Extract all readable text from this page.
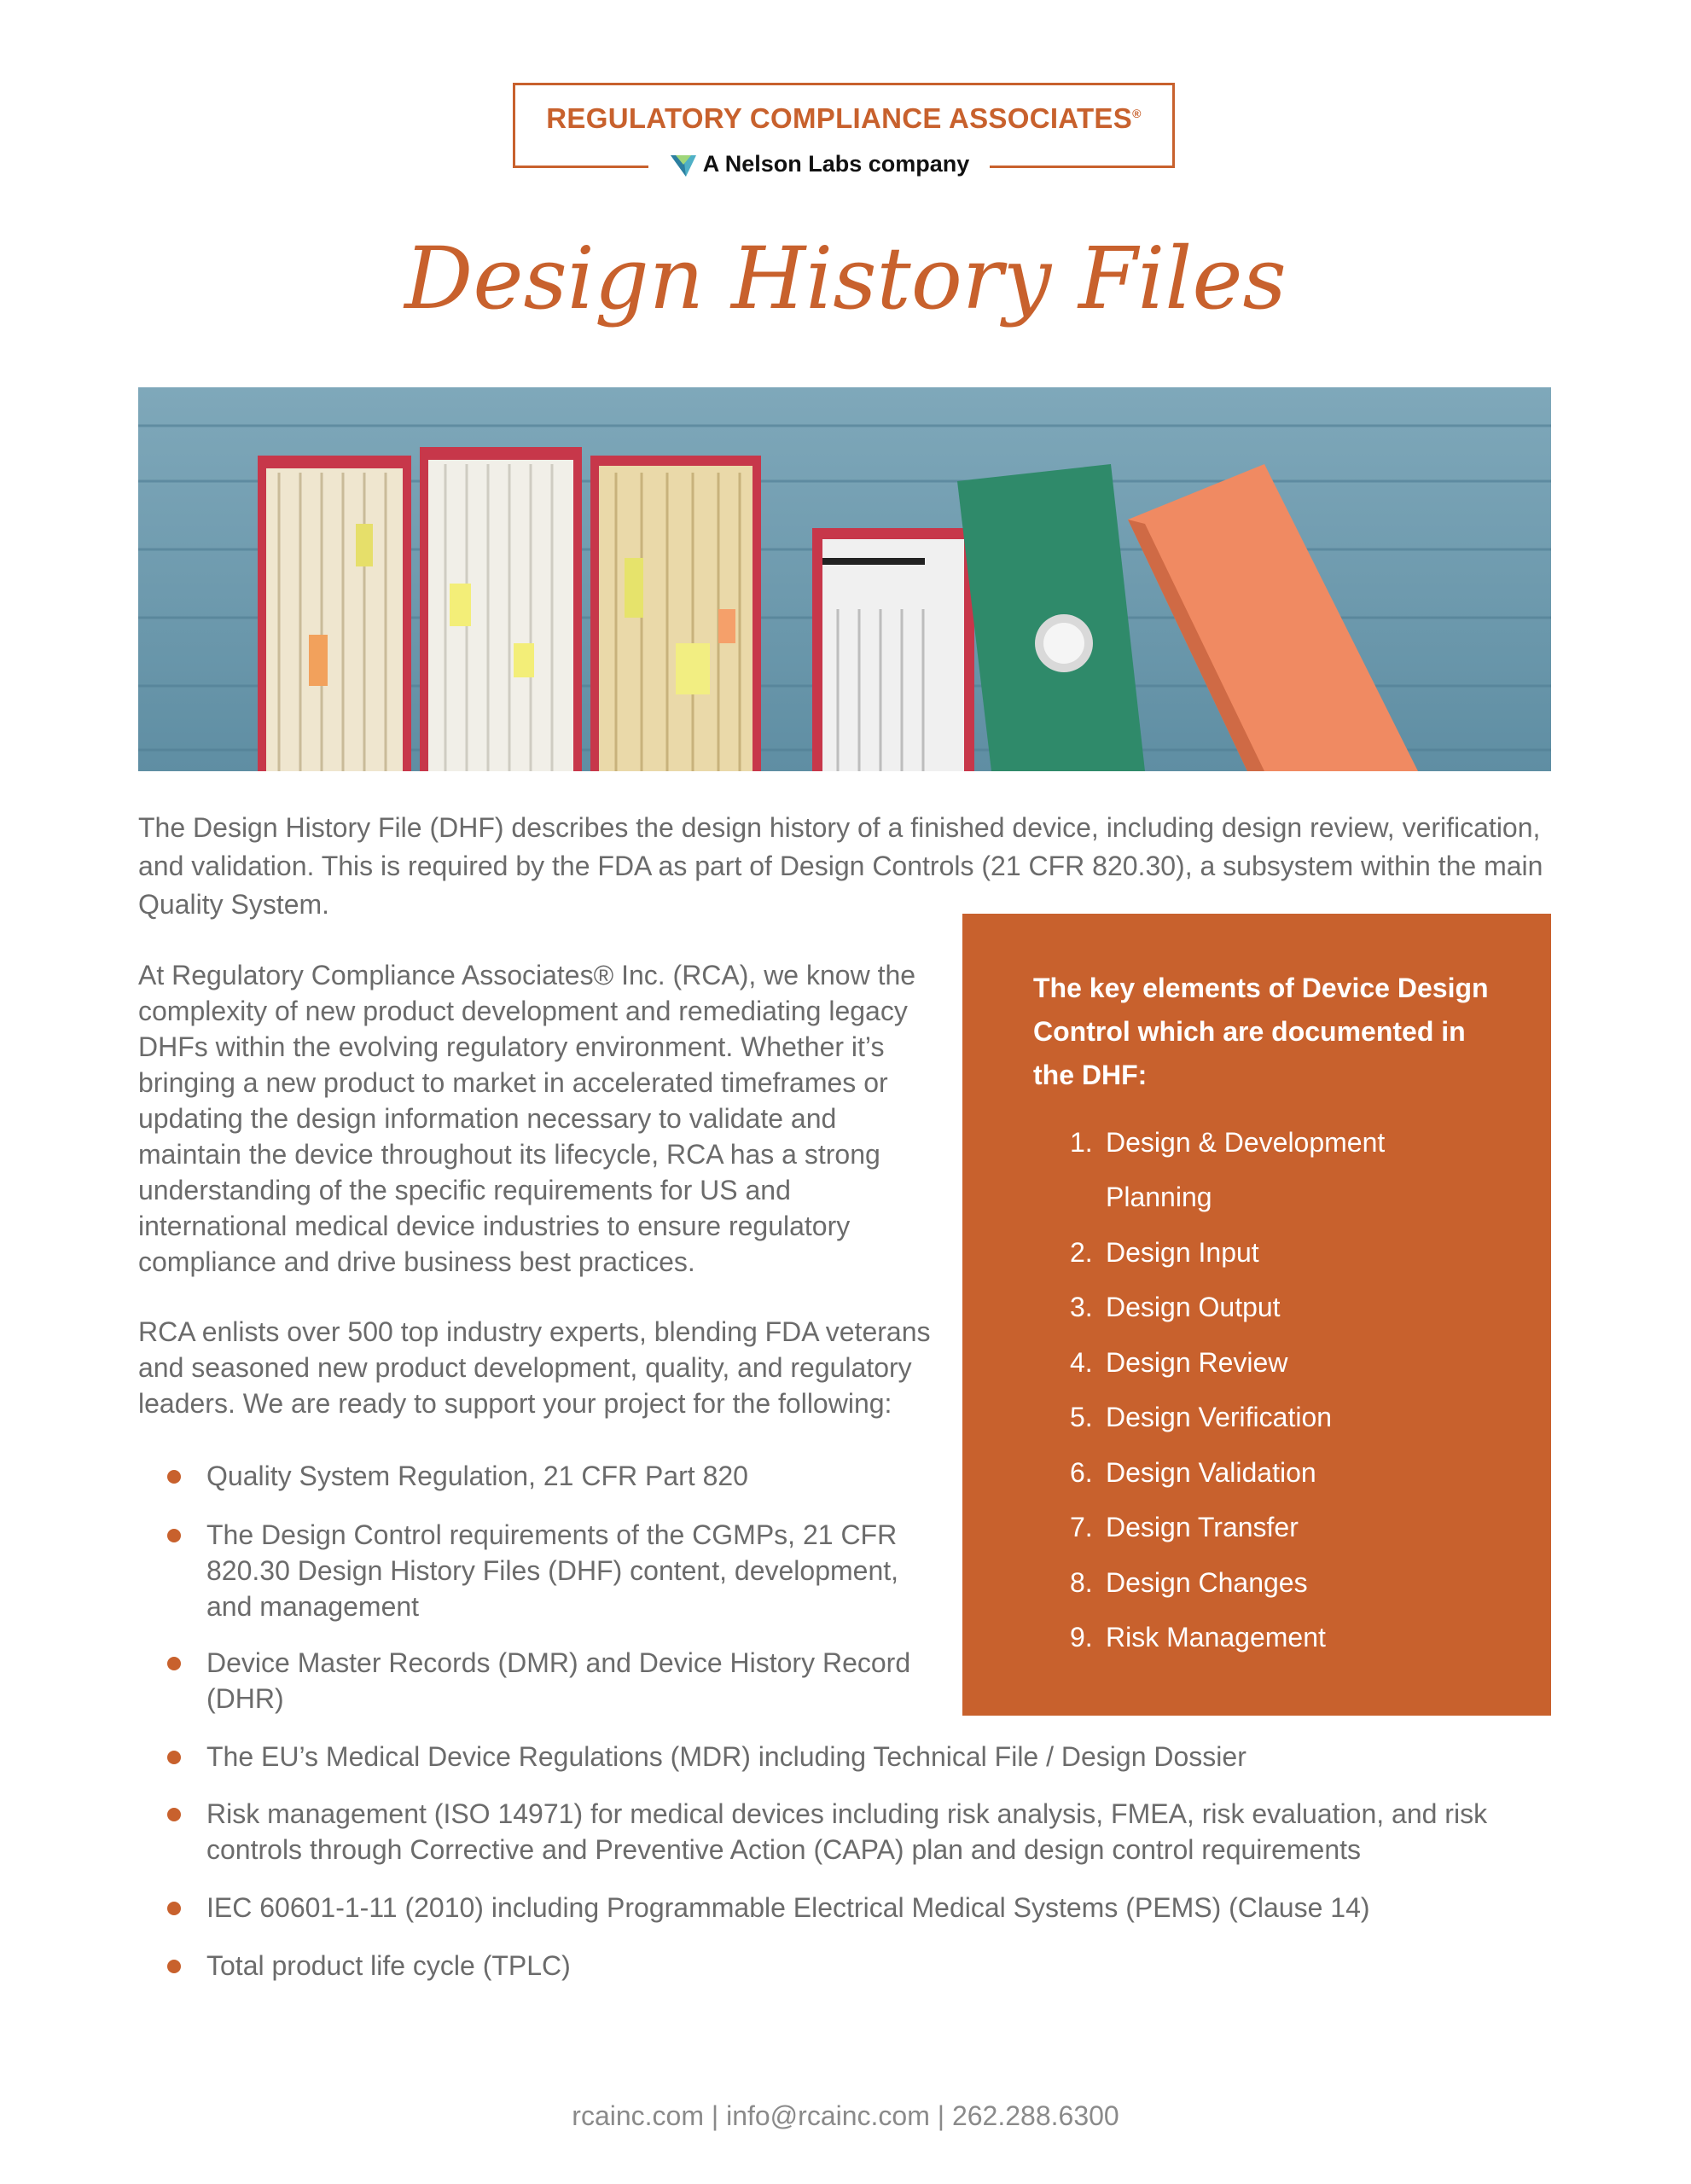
REGULATORY COMPLIANCE ASSOCIATES®
A Nelson Labs company
Design History Files

The Design History File (DHF) describes the design history of a finished device, including design review, verification, and validation. This is required by the FDA as part of Design Controls (21 CFR 820.30), a subsystem within the main Quality System.

At Regulatory Compliance Associates® Inc. (RCA), we know the complexity of new product development and remediating legacy DHFs within the evolving regulatory environment. Whether it’s bringing a new product to market in accelerated timeframes or updating the design information necessary to validate and maintain the device throughout its lifecycle, RCA has a strong understanding of the specific requirements for US and international medical device industries to ensure regulatory compliance and drive business best practices.

RCA enlists over 500 top industry experts, blending FDA veterans and seasoned new product development, quality, and regulatory leaders. We are ready to support your project for the following:

Quality System Regulation, 21 CFR Part 820
The Design Control requirements of the CGMPs, 21 CFR 820.30 Design History Files (DHF) content, development, and management
Device Master Records (DMR) and Device History Record (DHR)
The EU’s Medical Device Regulations (MDR) including Technical File / Design Dossier
Risk management (ISO 14971) for medical devices including risk analysis, FMEA, risk evaluation, and risk controls through Corrective and Preventive Action (CAPA) plan and design control requirements
IEC 60601-1-11 (2010) including Programmable Electrical Medical Systems (PEMS) (Clause 14)
Total product life cycle (TPLC)
The key elements of Device Design Control which are documented in the DHF:
1. Design & Development
Planning
2. Design Input
3. Design Output
4. Design Review
5. Design Verification
6. Design Validation
7. Design Transfer
8. Design Changes
9. Risk Management
rcainc.com | info@rcainc.com | 262.288.6300
